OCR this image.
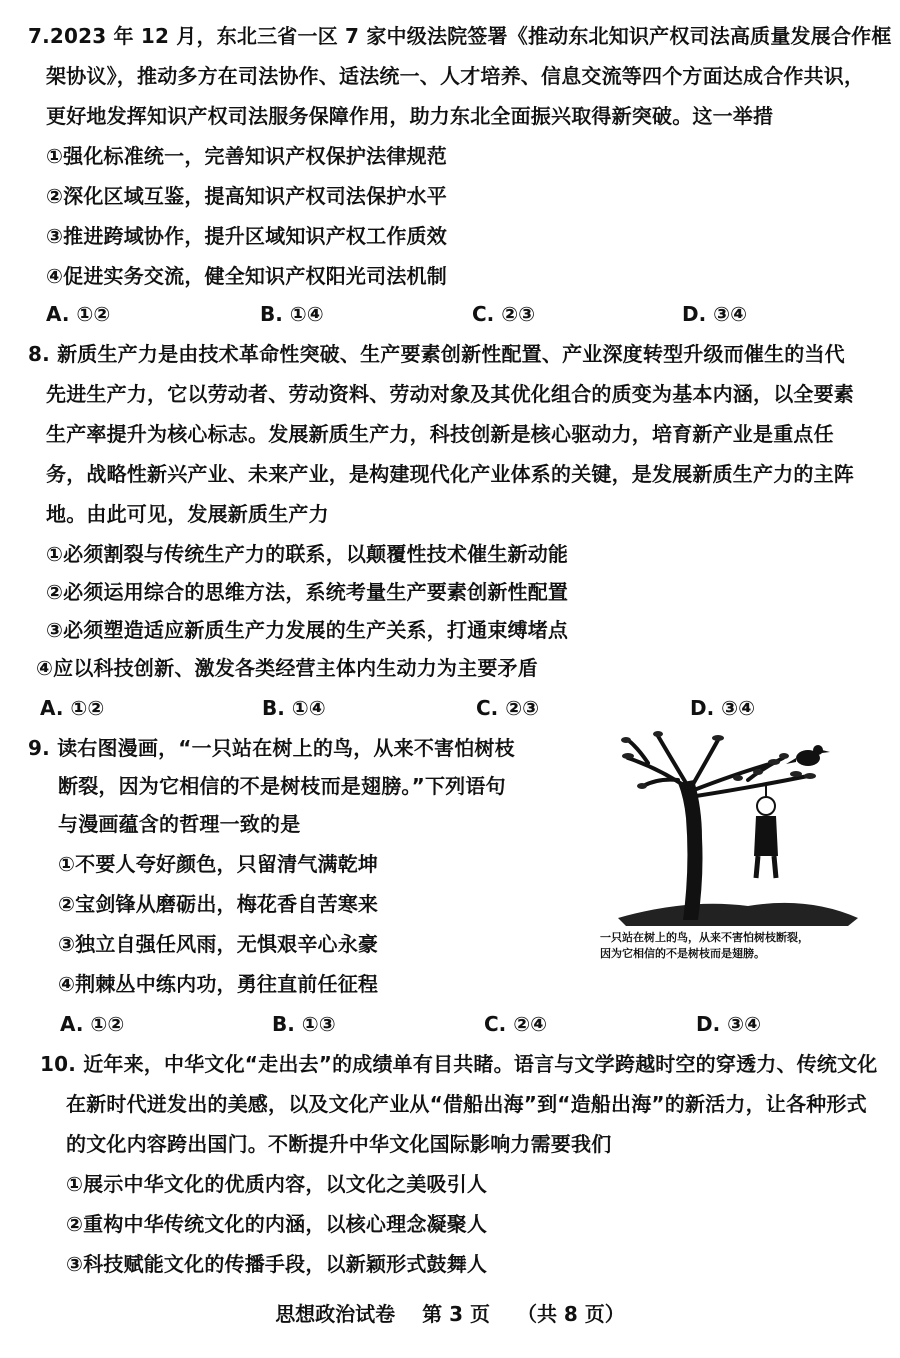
7.2023 年 12 月，东北三省一区 7 家中级法院签署《推动东北知识产权司法高质量发展合作框
架协议》，推动多方在司法协作、适法统一、人才培养、信息交流等四个方面达成合作共识，
更好地发挥知识产权司法服务保障作用，助力东北全面振兴取得新突破。这一举措
①强化标准统一，完善知识产权保护法律规范
②深化区域互鉴，提高知识产权司法保护水平
③推进跨域协作，提升区域知识产权工作质效
④促进实务交流，健全知识产权阳光司法机制
A. ①②	B. ①④	C. ②③	D. ③④
8. 新质生产力是由技术革命性突破、生产要素创新性配置、产业深度转型升级而催生的当代
先进生产力，它以劳动者、劳动资料、劳动对象及其优化组合的质变为基本内涵，以全要素
生产率提升为核心标志。发展新质生产力，科技创新是核心驱动力，培育新产业是重点任
务，战略性新兴产业、未来产业，是构建现代化产业体系的关键，是发展新质生产力的主阵
地。由此可见，发展新质生产力
①必须割裂与传统生产力的联系，以颠覆性技术催生新动能
②必须运用综合的思维方法，系统考量生产要素创新性配置
③必须塑造适应新质生产力发展的生产关系，打通束缚堵点
④应以科技创新、激发各类经营主体内生动力为主要矛盾
A. ①②	B. ①④	C. ②③	D. ③④
9. 读右图漫画，“一只站在树上的鸟，从来不害怕树枝
断裂，因为它相信的不是树枝而是翅膀。”下列语句
与漫画蕴含的哲理一致的是
①不要人夸好颜色，只留清气满乾坤
②宝剑锋从磨砺出，梅花香自苦寒来
③独立自强任风雨，无惧艰辛心永豪
④荆棘丛中练内功，勇往直前任征程
A. ①②	B. ①③	C. ②④	D. ③④
一只站在树上的鸟，从来不害怕树枝断裂，
因为它相信的不是树枝而是翅膀。
10. 近年来，中华文化“走出去”的成绩单有目共睹。语言与文学跨越时空的穿透力、传统文化
在新时代迸发出的美感，以及文化产业从“借船出海”到“造船出海”的新活力，让各种形式
的文化内容跨出国门。不断提升中华文化国际影响力需要我们
①展示中华文化的优质内容，以文化之美吸引人
②重构中华传统文化的内涵，以核心理念凝聚人
③科技赋能文化的传播手段，以新颖形式鼓舞人
思想政治试卷 第 3 页 （共 8 页）
